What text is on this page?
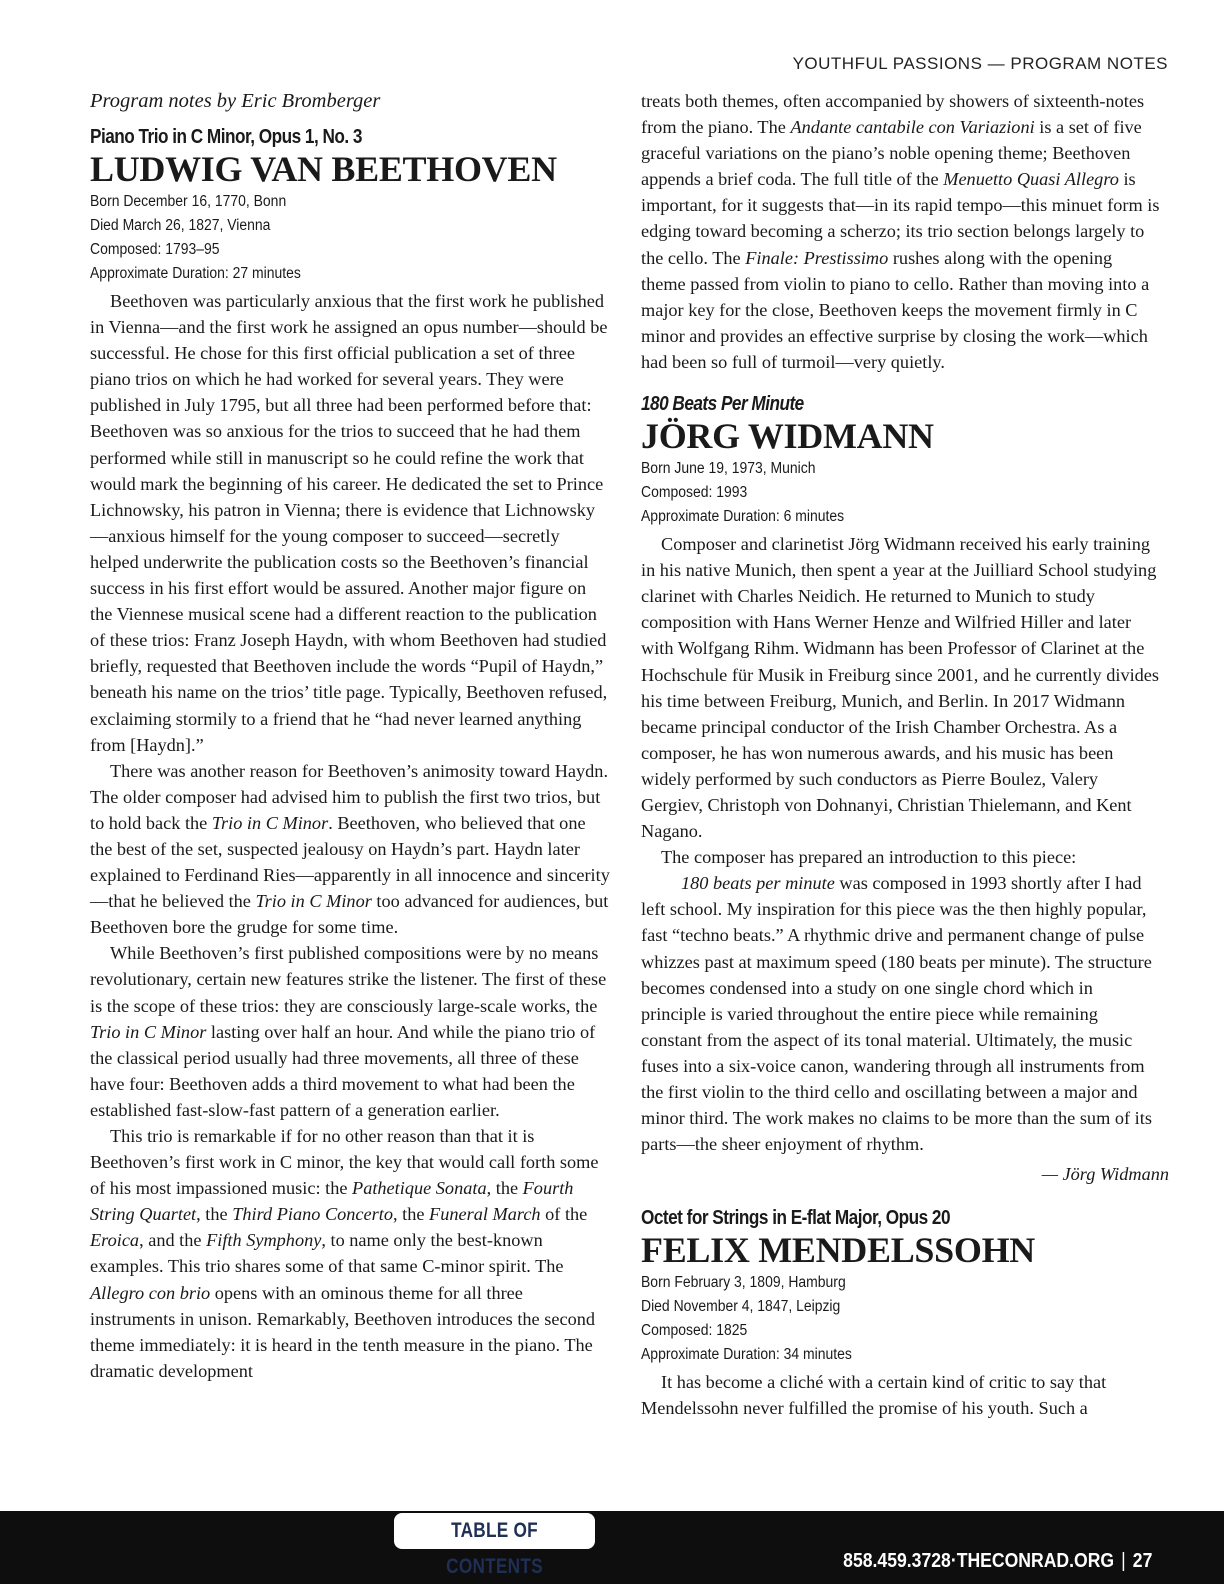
YOUTHFUL PASSIONS — PROGRAM NOTES

Program notes by Eric Bromberger

Piano Trio in C Minor, Opus 1, No. 3
LUDWIG VAN BEETHOVEN
Born December 16, 1770, Bonn
Died March 26, 1827, Vienna
Composed: 1793–95
Approximate Duration: 27 minutes

Beethoven was particularly anxious that the first work he published in Vienna—and the first work he assigned an opus number—should be successful. He chose for this first official publication a set of three piano trios on which he had worked for several years. They were published in July 1795, but all three had been performed before that: Beethoven was so anxious for the trios to succeed that he had them performed while still in manuscript so he could refine the work that would mark the beginning of his career. He dedicated the set to Prince Lichnowsky, his patron in Vienna; there is evidence that Lichnowsky—anxious himself for the young composer to succeed—secretly helped underwrite the publication costs so the Beethoven’s financial success in his first effort would be assured. Another major figure on the Viennese musical scene had a different reaction to the publication of these trios: Franz Joseph Haydn, with whom Beethoven had studied briefly, requested that Beethoven include the words “Pupil of Haydn,” beneath his name on the trios’ title page. Typically, Beethoven refused, exclaiming stormily to a friend that he “had never learned anything from [Haydn].”

There was another reason for Beethoven’s animosity toward Haydn. The older composer had advised him to publish the first two trios, but to hold back the Trio in C Minor. Beethoven, who believed that one the best of the set, suspected jealousy on Haydn’s part. Haydn later explained to Ferdinand Ries—apparently in all innocence and sincerity—that he believed the Trio in C Minor too advanced for audiences, but Beethoven bore the grudge for some time.

While Beethoven’s first published compositions were by no means revolutionary, certain new features strike the listener. The first of these is the scope of these trios: they are consciously large-scale works, the Trio in C Minor lasting over half an hour. And while the piano trio of the classical period usually had three movements, all three of these have four: Beethoven adds a third movement to what had been the established fast-slow-fast pattern of a generation earlier.

This trio is remarkable if for no other reason than that it is Beethoven’s first work in C minor, the key that would call forth some of his most impassioned music: the Pathetique Sonata, the Fourth String Quartet, the Third Piano Concerto, the Funeral March of the Eroica, and the Fifth Symphony, to name only the best-known examples. This trio shares some of that same C-minor spirit. The Allegro con brio opens with an ominous theme for all three instruments in unison. Remarkably, Beethoven introduces the second theme immediately: it is heard in the tenth measure in the piano. The dramatic development

treats both themes, often accompanied by showers of sixteenth-notes from the piano. The Andante cantabile con Variazioni is a set of five graceful variations on the piano’s noble opening theme; Beethoven appends a brief coda. The full title of the Menuetto Quasi Allegro is important, for it suggests that—in its rapid tempo—this minuet form is edging toward becoming a scherzo; its trio section belongs largely to the cello. The Finale: Prestissimo rushes along with the opening theme passed from violin to piano to cello. Rather than moving into a major key for the close, Beethoven keeps the movement firmly in C minor and provides an effective surprise by closing the work—which had been so full of turmoil—very quietly.

180 Beats Per Minute
JÖRG WIDMANN
Born June 19, 1973, Munich
Composed: 1993
Approximate Duration: 6 minutes

Composer and clarinetist Jörg Widmann received his early training in his native Munich, then spent a year at the Juilliard School studying clarinet with Charles Neidich. He returned to Munich to study composition with Hans Werner Henze and Wilfried Hiller and later with Wolfgang Rihm. Widmann has been Professor of Clarinet at the Hochschule für Musik in Freiburg since 2001, and he currently divides his time between Freiburg, Munich, and Berlin. In 2017 Widmann became principal conductor of the Irish Chamber Orchestra. As a composer, he has won numerous awards, and his music has been widely performed by such conductors as Pierre Boulez, Valery Gergiev, Christoph von Dohnanyi, Christian Thielemann, and Kent Nagano.

The composer has prepared an introduction to this piece:

180 beats per minute was composed in 1993 shortly after I had left school. My inspiration for this piece was the then highly popular, fast “techno beats.” A rhythmic drive and permanent change of pulse whizzes past at maximum speed (180 beats per minute). The structure becomes condensed into a study on one single chord which in principle is varied throughout the entire piece while remaining constant from the aspect of its tonal material. Ultimately, the music fuses into a six-voice canon, wandering through all instruments from the first violin to the third cello and oscillating between a major and minor third. The work makes no claims to be more than the sum of its parts—the sheer enjoyment of rhythm.

— Jörg Widmann

Octet for Strings in E-flat Major, Opus 20
FELIX MENDELSSOHN
Born February 3, 1809, Hamburg
Died November 4, 1847, Leipzig
Composed: 1825
Approximate Duration: 34 minutes

It has become a cliché with a certain kind of critic to say that Mendelssohn never fulfilled the promise of his youth. Such a

TABLE OF CONTENTS	858.459.3728·THECONRAD.ORG | 27
